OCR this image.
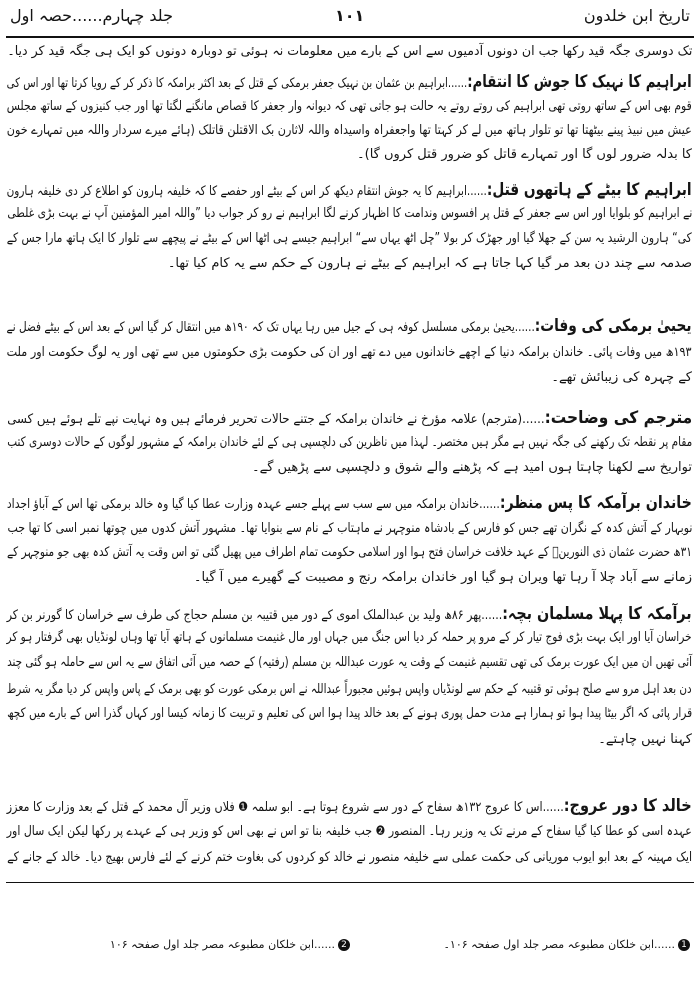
تاریخ ابن خلدون
۱۰۱
جلد چہارم......حصہ اول
تک دوسری جگہ قید رکھا جب ان دونوں آدمیوں سے اس کے بارے میں معلومات نہ ہوئی تو دوبارہ دونوں کو ایک ہی جگہ قید کر دیا۔
ابراہیم کا نہیک کا جوش کا انتقام:......ابراہیم بن عثمان بن نہیک جعفر برمکی کے قتل کے بعد اکثر برامکہ کا ذکر کر کے رویا کرتا تھا اور اس کی
قوم بھی اس کے ساتھ روتی تھی ابراہیم کی روتے روتے یہ حالت ہو جاتی تھی کہ دیوانہ وار جعفر کا قصاص مانگنے لگتا تھا اور جب کنیزوں کے ساتھ مجلس
عیش میں نبیذ پینے بیٹھتا تھا تو تلوار ہاتھ میں لے کر کہتا تھا واجعفراہ واسیداہ واللہ لاثارن بک الاقتلن قاتلک (ہائے میرے سردار واللہ میں تمہارے خون
کا بدلہ ضرور لوں گا اور تمہارے قاتل کو ضرور قتل کروں گا)۔
ابراہیم کا بیٹے کے ہاتھوں قتل:......ابراہیم کا یہ جوش انتقام دیکھ کر اس کے بیٹے اور حفصے کا کہ خلیفہ ہارون کو اطلاع کر دی خلیفہ ہارون
نے ابراہیم کو بلوایا اور اس سے جعفر کے قتل پر افسوس وندامت کا اظہار کرنے لگا ابراہیم نے رو کر جواب دیا ”واللہ امیر المؤمنین آپ نے بہت بڑی غلطی
کی“ ہارون الرشید یہ سن کے جھلا گیا اور جھڑک کر بولا ”چل اٹھ یہاں سے“ ابراہیم جیسے ہی اٹھا اس کے بیٹے نے پیچھے سے تلوار کا ایک ہاتھ مارا جس کے
صدمہ سے چند دن بعد مر گیا کہا جاتا ہے کہ ابراہیم کے بیٹے نے ہارون کے حکم سے یہ کام کیا تھا۔
یحییٰ برمکی کی وفات:......یحییٰ برمکی مسلسل کوفہ ہی کے جیل میں رہا یہاں تک کہ ۱۹۰ھ میں انتقال کر گیا اس کے بعد اس کے بیٹے فضل نے
۱۹۳ھ میں وفات پائی۔ خاندان برامکہ دنیا کے اچھے خاندانوں میں دے تھے اور ان کی حکومت بڑی حکومتوں میں سے تھی اور یہ لوگ حکومت اور ملت
کے چہرہ کی زیبائش تھے۔
مترجم کی وضاحت:......(مترجم) علامہ مؤرخ نے خاندان برامکہ کے جتنے حالات تحریر فرمائے ہیں وہ نہایت نپے تلے ہوئے ہیں کسی
مقام پر نقطہ تک رکھنے کی جگہ نہیں ہے مگر ہیں مختصر۔ لہذا میں ناظرین کی دلچسپی ہی کے لئے خاندان برامکہ کے مشہور لوگوں کے حالات دوسری کتب
تواریخ سے لکھنا چاہتا ہوں امید ہے کہ پڑھنے والے شوق و دلچسپی سے پڑھیں گے۔
خاندان برآمکہ کا پس منظر:......خاندان برامکہ میں سے سب سے پہلے جسے عہدہ وزارت عطا کیا گیا وہ خالد برمکی تھا اس کے آباؤ اجداد
نوبہار کے آتش کدہ کے نگران تھے جس کو فارس کے بادشاہ منوچہر نے ماہتاب کے نام سے بنوایا تھا۔ مشہور آتش کدوں میں چوتھا نمبر اسی کا تھا جب
۳۱ھ حضرت عثمان ذی النورینؓ کے عہد خلافت خراسان فتح ہوا اور اسلامی حکومت تمام اطراف میں پھیل گئی تو اس وقت یہ آتش کدہ بھی جو منوچہر کے
زمانے سے آباد چلا آ رہا تھا ویران ہو گیا اور خاندان برامکہ رنج و مصیبت کے گھیرے میں آ گیا۔
برآمکہ کا پہلا مسلمان بچہ:......پھر ۸۶ھ ولید بن عبدالملک اموی کے دور میں قتیبہ بن مسلم حجاج کی طرف سے خراسان کا گورنر بن کر
خراسان آیا اور ایک بہت بڑی فوج تیار کر کے مرو پر حملہ کر دیا اس جنگ میں جہاں اور مال غنیمت مسلمانوں کے ہاتھ آیا تھا وہاں لونڈیاں بھی گرفتار ہو کر
آئی تھیں ان میں ایک عورت برمک کی تھی تقسیم غنیمت کے وقت یہ عورت عبداللہ بن مسلم (رفتیہ) کے حصہ میں آئی اتفاق سے یہ اس سے حاملہ ہو گئی چند
دن بعد اہل مرو سے صلح ہوئی تو قتیبہ کے حکم سے لونڈیاں واپس ہوئیں مجبوراً عبداللہ نے اس برمکی عورت کو بھی برمک کے پاس واپس کر دیا مگر یہ شرط
قرار پائی کہ اگر بیٹا پیدا ہوا تو ہمارا ہے مدت حمل پوری ہونے کے بعد خالد پیدا ہوا اس کی تعلیم و تربیت کا زمانہ کیسا اور کہاں گذرا اس کے بارے میں کچھ
کہنا نہیں چاہتے۔
خالد کا دور عروج:......اس کا عروج ۱۳۲ھ سفاح کے دور سے شروع ہوتا ہے۔ ابو سلمہ ❶ فلاں وزیر آل محمد کے قتل کے بعد وزارت کا معزز
عہدہ اسی کو عطا کیا گیا سفاح کے مرنے تک یہ وزیر رہا۔ المنصور ❷ جب خلیفہ بنا تو اس نے بھی اس کو وزیر ہی کے عہدے پر رکھا لیکن ایک سال اور
ایک مہینہ کے بعد ابو ایوب موریانی کی حکمت عملی سے خلیفہ منصور نے خالد کو کردوں کی بغاوت ختم کرنے کے لئے فارس بھیج دیا۔ خالد کے جانے کے
1......ابن خلکان مطبوعہ مصر جلد اول صفحہ ۱۰۶۔
2......ابن خلکان مطبوعہ مصر جلد اول صفحہ ۱۰۶
